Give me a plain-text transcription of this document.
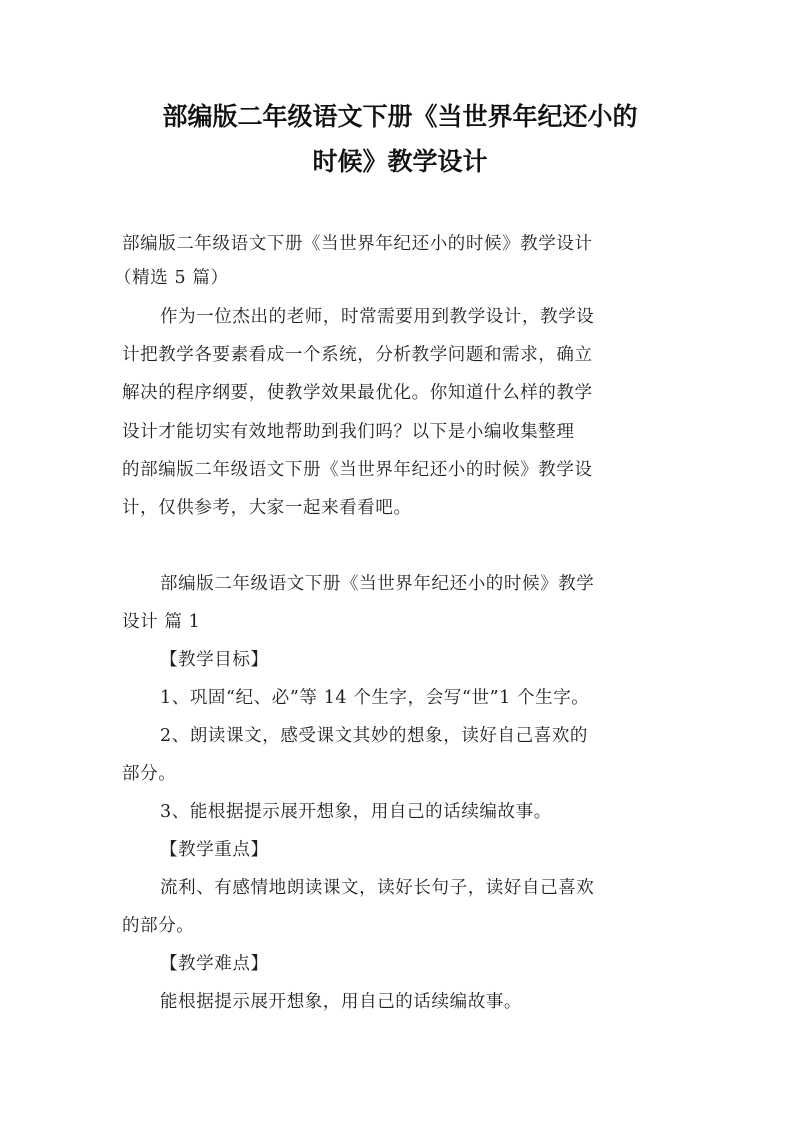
部编版二年级语文下册《当世界年纪还小的
时候》教学设计
部编版二年级语文下册《当世界年纪还小的时候》教学设计
（精选 5 篇）
作为一位杰出的老师，时常需要用到教学设计，教学设
计把教学各要素看成一个系统，分析教学问题和需求，确立
解决的程序纲要，使教学效果最优化。你知道什么样的教学
设计才能切实有效地帮助到我们吗？以下是小编收集整理
的部编版二年级语文下册《当世界年纪还小的时候》教学设
计，仅供参考，大家一起来看看吧。
部编版二年级语文下册《当世界年纪还小的时候》教学
设计 篇 1
【教学目标】
1、巩固“纪、必”等 14 个生字，会写“世”1 个生字。
2、朗读课文，感受课文其妙的想象，读好自己喜欢的
部分。
3、能根据提示展开想象，用自己的话续编故事。
【教学重点】
流利、有感情地朗读课文，读好长句子，读好自己喜欢
的部分。
【教学难点】
能根据提示展开想象，用自己的话续编故事。
